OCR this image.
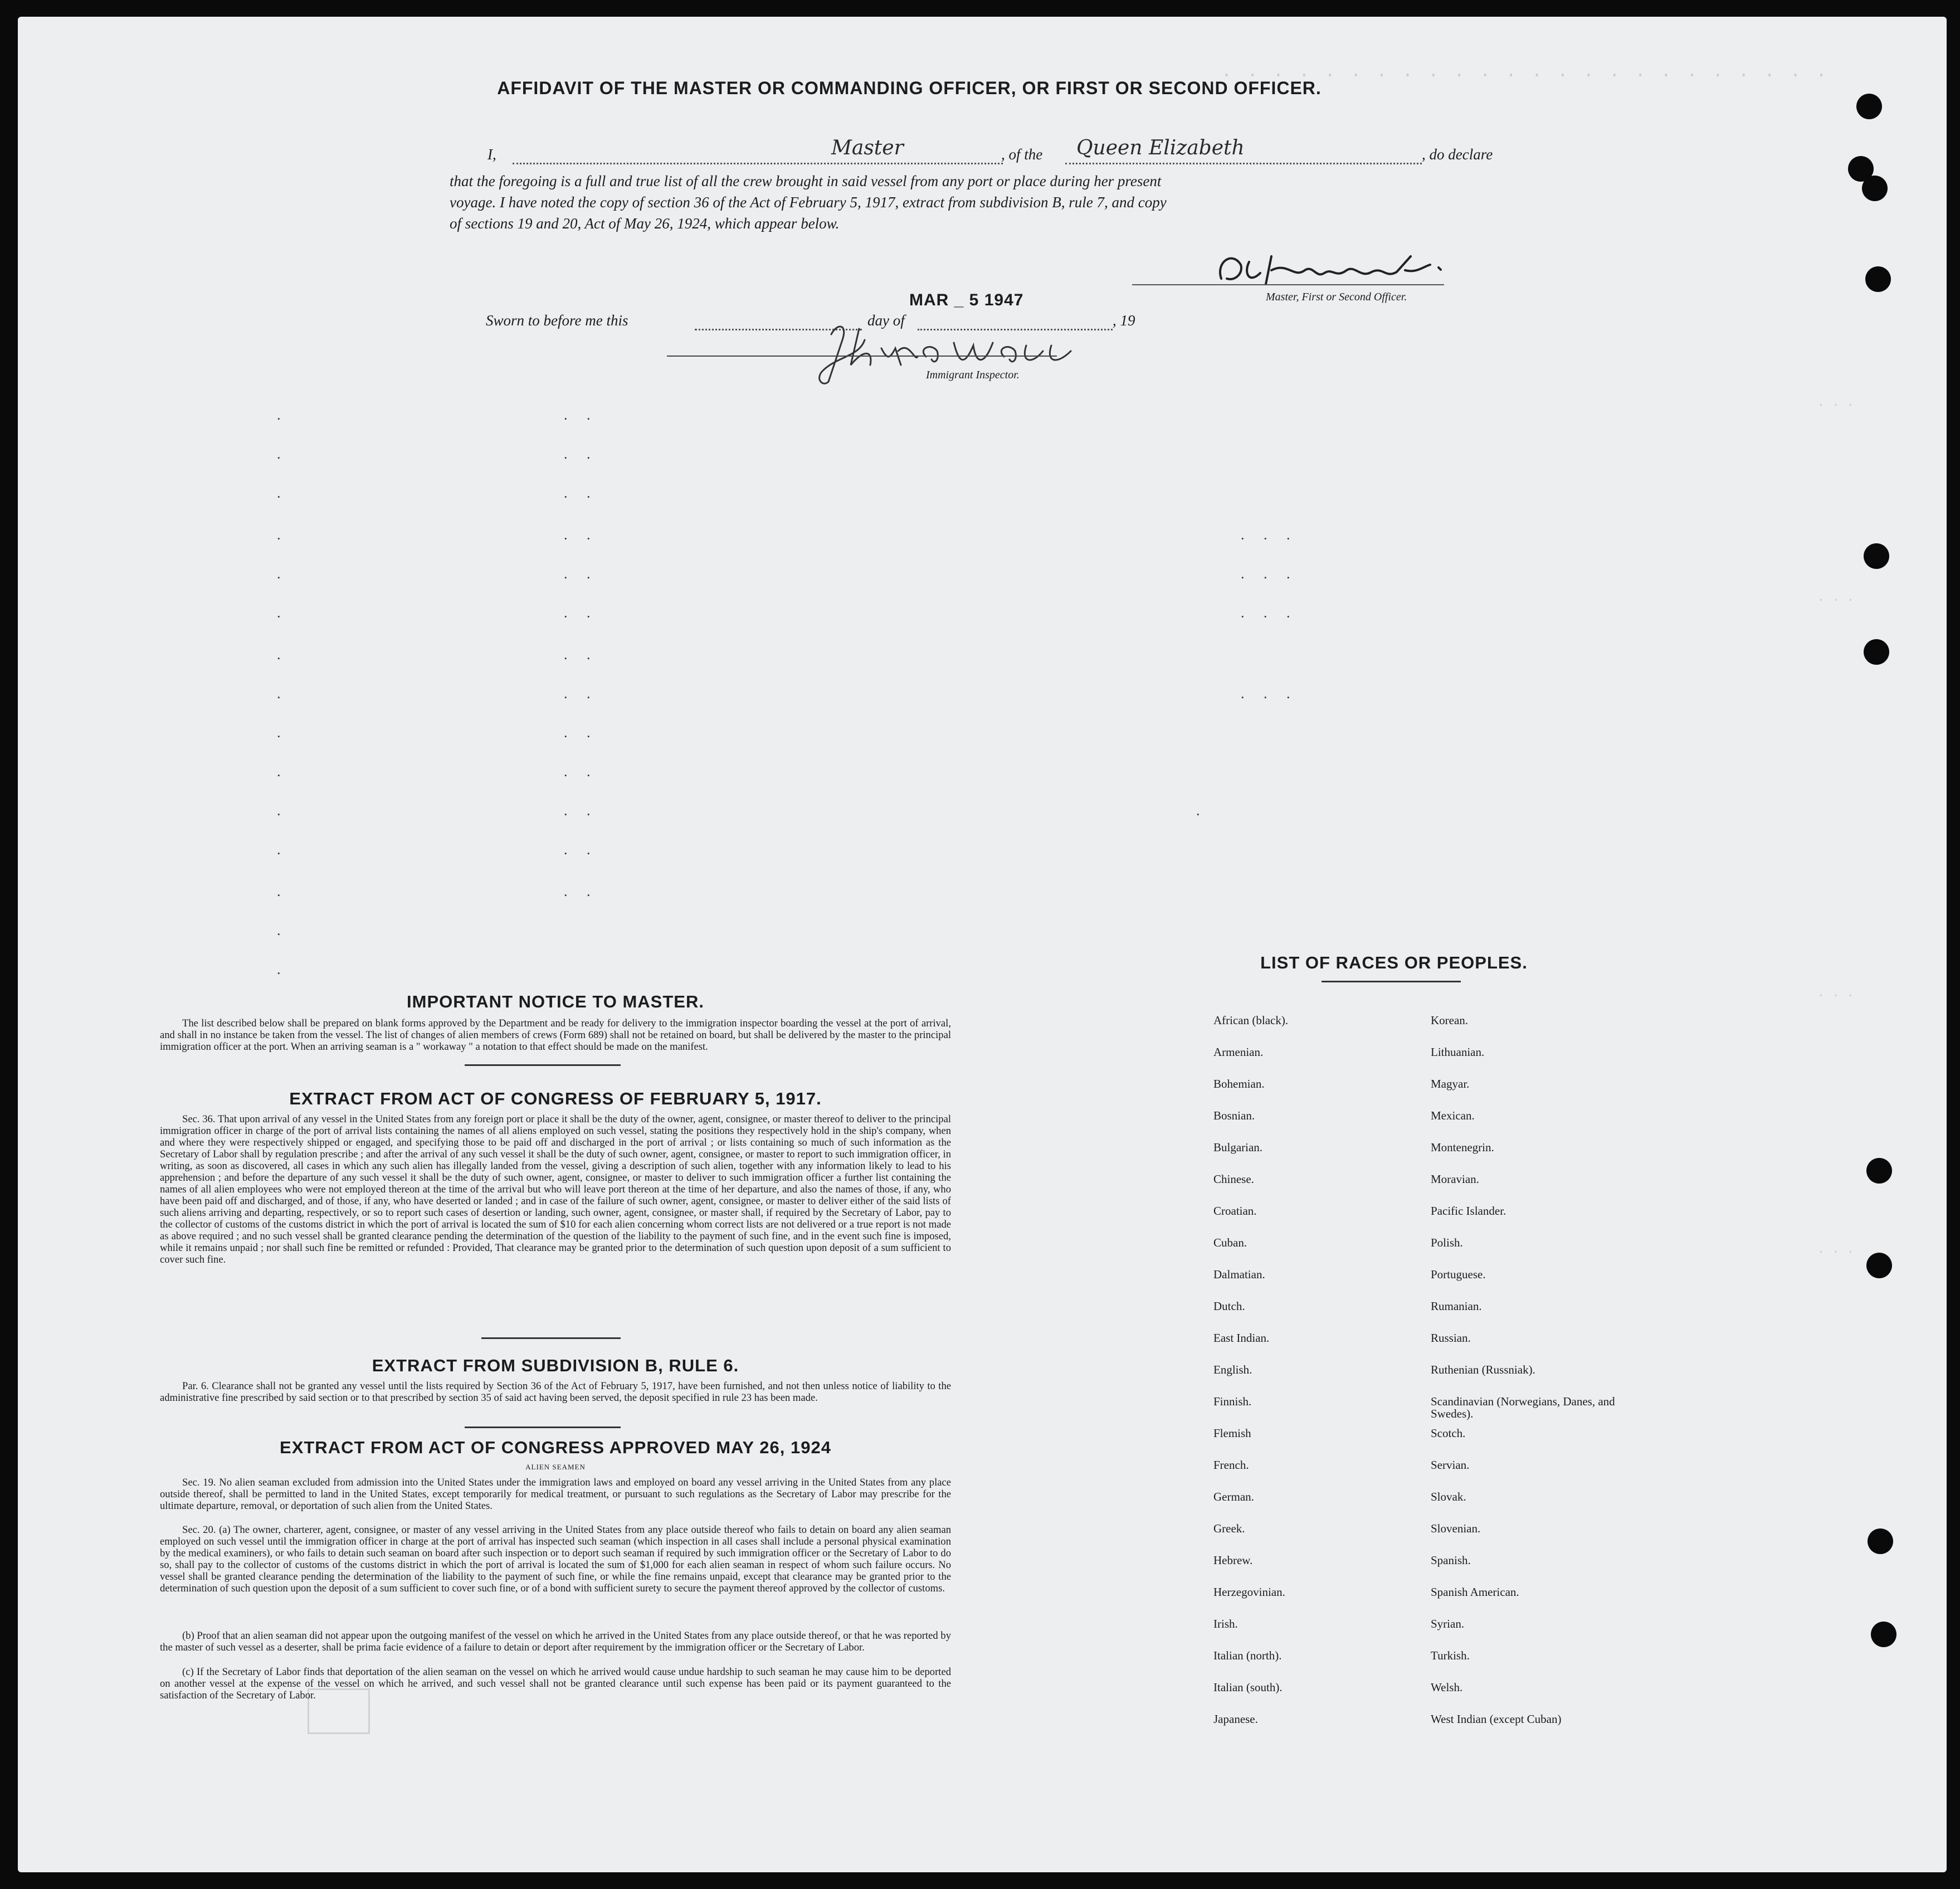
. . . . . . . . . . . . . . . . . . . . . . . .
. . .
. . .
. . .
. . .

AFFIDAVIT OF THE MASTER OR COMMANDING OFFICER, OR FIRST OR SECOND OFFICER.
I,	Master	, of the Queen Elizabeth	, do declare
that the foregoing is a full and true list of all the crew brought in said vessel from any port or place during her present
voyage. I have noted the copy of section 36 of the Act of February 5, 1917, extract from subdivision B, rule 7, and copy
of sections 19 and 20, Act of May 26, 1924, which appear below.
Master, First or Second Officer.
MAR _ 5 1947
Sworn to before me this	day of	, 19
Immigrant Inspector.
.	. .
.	. .
.	. .
.	. .	. . .
.	. .	. . .
.	. .	. . .
.	. .
.	. .	. . .
.	. .
.	. .
.	. .	.
.	. .
.	. .
.
.
IMPORTANT NOTICE TO MASTER.

The list described below shall be prepared on blank forms approved by the Department and be ready for delivery to the immigration inspector boarding the vessel at the port of arrival, and shall in no instance be taken from the vessel. The list of changes of alien members of crews (Form 689) shall not be retained on board, but shall be delivered by the master to the principal immigration officer at the port. When an arriving seaman is a " workaway " a notation to that effect should be made on the manifest.

EXTRACT FROM ACT OF CONGRESS OF FEBRUARY 5, 1917.

Sec. 36. That upon arrival of any vessel in the United States from any foreign port or place it shall be the duty of the owner, agent, consignee, or master thereof to deliver to the principal immigration officer in charge of the port of arrival lists containing the names of all aliens employed on such vessel, stating the positions they respectively hold in the ship's company, when and where they were respectively shipped or engaged, and specifying those to be paid off and discharged in the port of arrival ; or lists containing so much of such information as the Secretary of Labor shall by regulation prescribe ; and after the arrival of any such vessel it shall be the duty of such owner, agent, consignee, or master to report to such immigration officer, in writing, as soon as discovered, all cases in which any such alien has illegally landed from the vessel, giving a description of such alien, together with any information likely to lead to his apprehension ; and before the departure of any such vessel it shall be the duty of such owner, agent, consignee, or master to deliver to such immigration officer a further list containing the names of all alien employees who were not employed thereon at the time of the arrival but who will leave port thereon at the time of her departure, and also the names of those, if any, who have been paid off and discharged, and of those, if any, who have deserted or landed ; and in case of the failure of such owner, agent, consignee, or master to deliver either of the said lists of such aliens arriving and departing, respectively, or so to report such cases of desertion or landing, such owner, agent, consignee, or master shall, if required by the Secretary of Labor, pay to the collector of customs of the customs district in which the port of arrival is located the sum of $10 for each alien concerning whom correct lists are not delivered or a true report is not made as above required ; and no such vessel shall be granted clearance pending the determination of the question of the liability to the payment of such fine, and in the event such fine is imposed, while it remains unpaid ; nor shall such fine be remitted or refunded : Provided, That clearance may be granted prior to the determination of such question upon deposit of a sum sufficient to cover such fine.

EXTRACT FROM SUBDIVISION B, RULE 6.

Par. 6. Clearance shall not be granted any vessel until the lists required by Section 36 of the Act of February 5, 1917, have been furnished, and not then unless notice of liability to the administrative fine prescribed by said section or to that prescribed by section 35 of said act having been served, the deposit specified in rule 23 has been made.

EXTRACT FROM ACT OF CONGRESS APPROVED MAY 26, 1924
ALIEN SEAMEN

Sec. 19. No alien seaman excluded from admission into the United States under the immigration laws and employed on board any vessel arriving in the United States from any place outside thereof, shall be permitted to land in the United States, except temporarily for medical treatment, or pursuant to such regulations as the Secretary of Labor may prescribe for the ultimate departure, removal, or deportation of such alien from the United States.

Sec. 20. (a) The owner, charterer, agent, consignee, or master of any vessel arriving in the United States from any place outside thereof who fails to detain on board any alien seaman employed on such vessel until the immigration officer in charge at the port of arrival has inspected such seaman (which inspection in all cases shall include a personal physical examination by the medical examiners), or who fails to detain such seaman on board after such inspection or to deport such seaman if required by such immigration officer or the Secretary of Labor to do so, shall pay to the collector of customs of the customs district in which the port of arrival is located the sum of $1,000 for each alien seaman in respect of whom such failure occurs. No vessel shall be granted clearance pending the determination of the liability to the payment of such fine, or while the fine remains unpaid, except that clearance may be granted prior to the determination of such question upon the deposit of a sum sufficient to cover such fine, or of a bond with sufficient surety to secure the payment thereof approved by the collector of customs.

(b) Proof that an alien seaman did not appear upon the outgoing manifest of the vessel on which he arrived in the United States from any place outside thereof, or that he was reported by the master of such vessel as a deserter, shall be prima facie evidence of a failure to detain or deport after requirement by the immigration officer or the Secretary of Labor.

(c) If the Secretary of Labor finds that deportation of the alien seaman on the vessel on which he arrived would cause undue hardship to such seaman he may cause him to be deported on another vessel at the expense of the vessel on which he arrived, and such vessel shall not be granted clearance until such expense has been paid or its payment guaranteed to the satisfaction of the Secretary of Labor.

LIST OF RACES OR PEOPLES.
African (black).	Korean.
Armenian.	Lithuanian.
Bohemian.	Magyar.
Bosnian.	Mexican.
Bulgarian.	Montenegrin.
Chinese.	Moravian.
Croatian.	Pacific Islander.
Cuban.	Polish.
Dalmatian.	Portuguese.
Dutch.	Rumanian.
East Indian.	Russian.
English.	Ruthenian (Russniak).
Finnish.	Scandinavian (Norwegians, Danes, and Swedes).
Flemish	Scotch.
French.	Servian.
German.	Slovak.
Greek.	Slovenian.
Hebrew.	Spanish.
Herzegovinian.	Spanish American.
Irish.	Syrian.
Italian (north).	Turkish.
Italian (south).	Welsh.
Japanese.	West Indian (except Cuban)
